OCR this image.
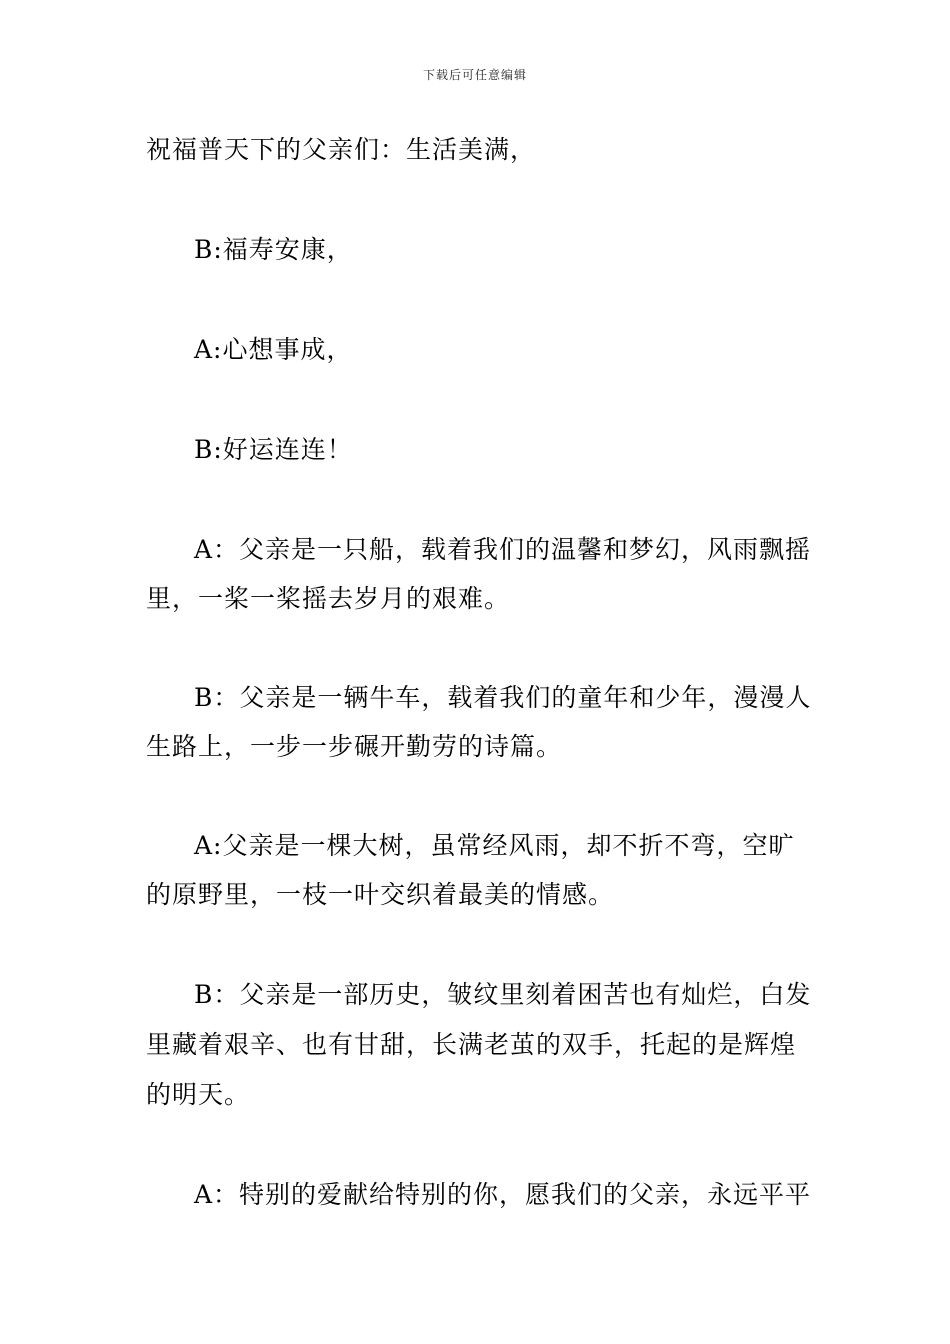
下载后可任意编辑
祝福普天下的父亲们：生活美满，
B:福寿安康，
A:心想事成，
B:好运连连！
A：父亲是一只船，载着我们的温馨和梦幻，风雨飘摇
里，一桨一桨摇去岁月的艰难。
B：父亲是一辆牛车，载着我们的童年和少年，漫漫人
生路上，一步一步碾开勤劳的诗篇。
A:父亲是一棵大树，虽常经风雨，却不折不弯，空旷
的原野里，一枝一叶交织着最美的情感。
B：父亲是一部历史，皱纹里刻着困苦也有灿烂，白发
里藏着艰辛、也有甘甜，长满老茧的双手，托起的是辉煌
的明天。
A：特别的爱献给特别的你，愿我们的父亲，永远平平
